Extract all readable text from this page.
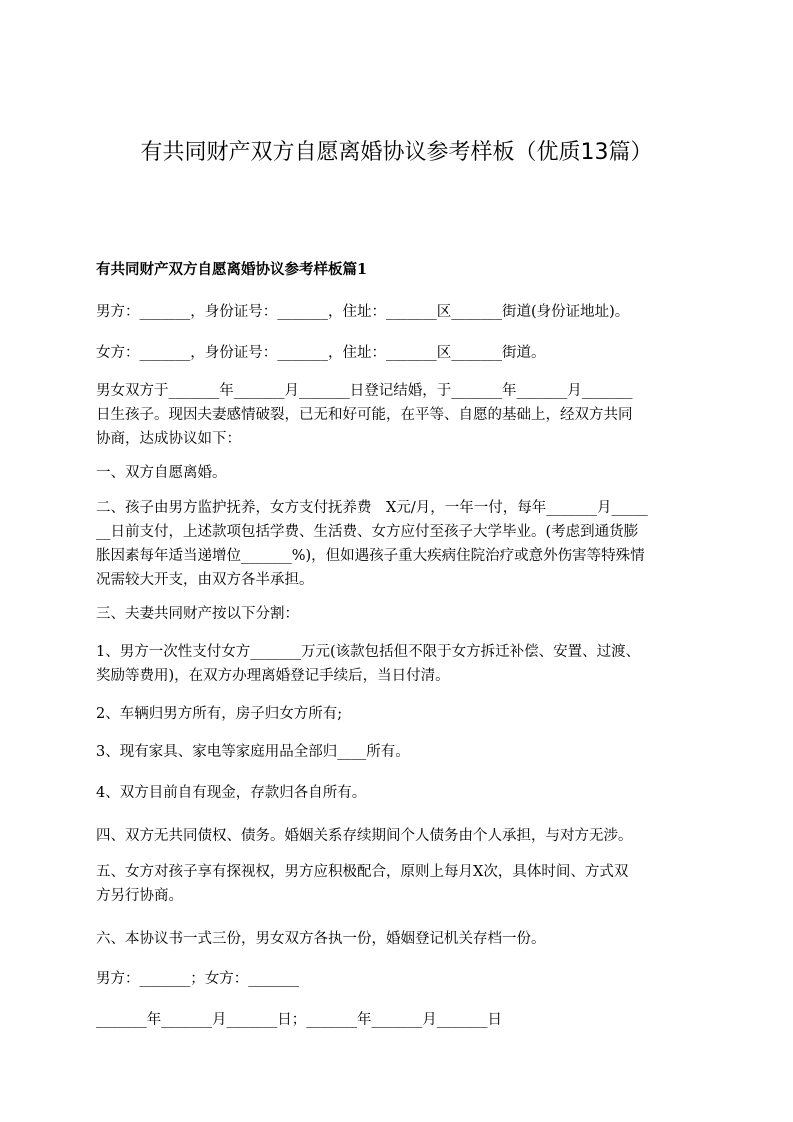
有共同财产双方自愿离婚协议参考样板（优质13篇）
有共同财产双方自愿离婚协议参考样板篇1

男方：_______，身份证号：_______，住址：_______区_______街道(身份证地址)。

女方：_______，身份证号：_______，住址：_______区_______街道。

男女双方于_______年_______月_______日登记结婚，于_______年_______月_______
日生孩子。现因夫妻感情破裂，已无和好可能，在平等、自愿的基础上，经双方共同
协商，达成协议如下：

一、双方自愿离婚。

二、孩子由男方监护抚养，女方支付抚养费　X元/月，一年一付，每年_______月_____
__日前支付，上述款项包括学费、生活费、女方应付至孩子大学毕业。(考虑到通货膨
胀因素每年适当递增位_______%)，但如遇孩子重大疾病住院治疗或意外伤害等特殊情
况需较大开支，由双方各半承担。

三、夫妻共同财产按以下分割：

1、男方一次性支付女方_______万元(该款包括但不限于女方拆迁补偿、安置、过渡、
奖励等费用)，在双方办理离婚登记手续后，当日付清。

2、车辆归男方所有，房子归女方所有;

3、现有家具、家电等家庭用品全部归____所有。

4、双方目前自有现金，存款归各自所有。

四、双方无共同债权、债务。婚姻关系存续期间个人债务由个人承担，与对方无涉。

五、女方对孩子享有探视权，男方应积极配合，原则上每月X次，具体时间、方式双
方另行协商。

六、本协议书一式三份，男女双方各执一份，婚姻登记机关存档一份。

男方：_______；女方：_______

_______年_______月_______日；_______年_______月_______日
